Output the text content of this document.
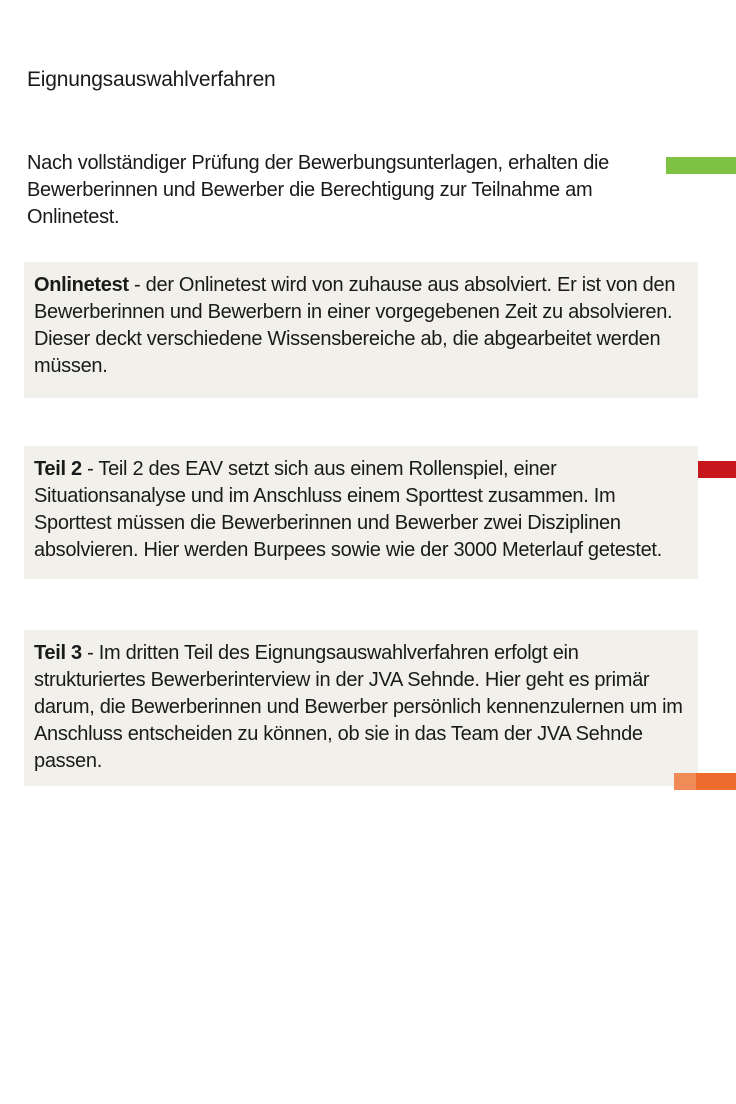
Eignungsauswahlverfahren

Nach vollständiger Prüfung der Bewerbungsunterlagen, erhalten die Bewerberinnen und Bewerber die Berechtigung zur Teilnahme am Onlinetest.

Onlinetest - der Onlinetest wird von zuhause aus absolviert. Er ist von den Bewerberinnen und Bewerbern in einer vorgegebenen Zeit zu absolvieren. Dieser deckt verschiedene Wissensbereiche ab, die abgearbeitet werden müssen.

Teil 2 - Teil 2 des EAV setzt sich aus einem Rollenspiel, einer Situationsanalyse und im Anschluss einem Sporttest zusammen. Im Sporttest müssen die Bewerberinnen und Bewerber zwei Disziplinen absolvieren. Hier werden Burpees sowie wie der 3000 Meterlauf getestet.

Teil 3 - Im dritten Teil des Eignungsauswahlverfahren erfolgt ein strukturiertes Bewerberinterview in der JVA Sehnde. Hier geht es primär darum, die Bewerberinnen und Bewerber persönlich kennenzulernen um im Anschluss entscheiden zu können, ob sie in das Team der JVA Sehnde passen.
